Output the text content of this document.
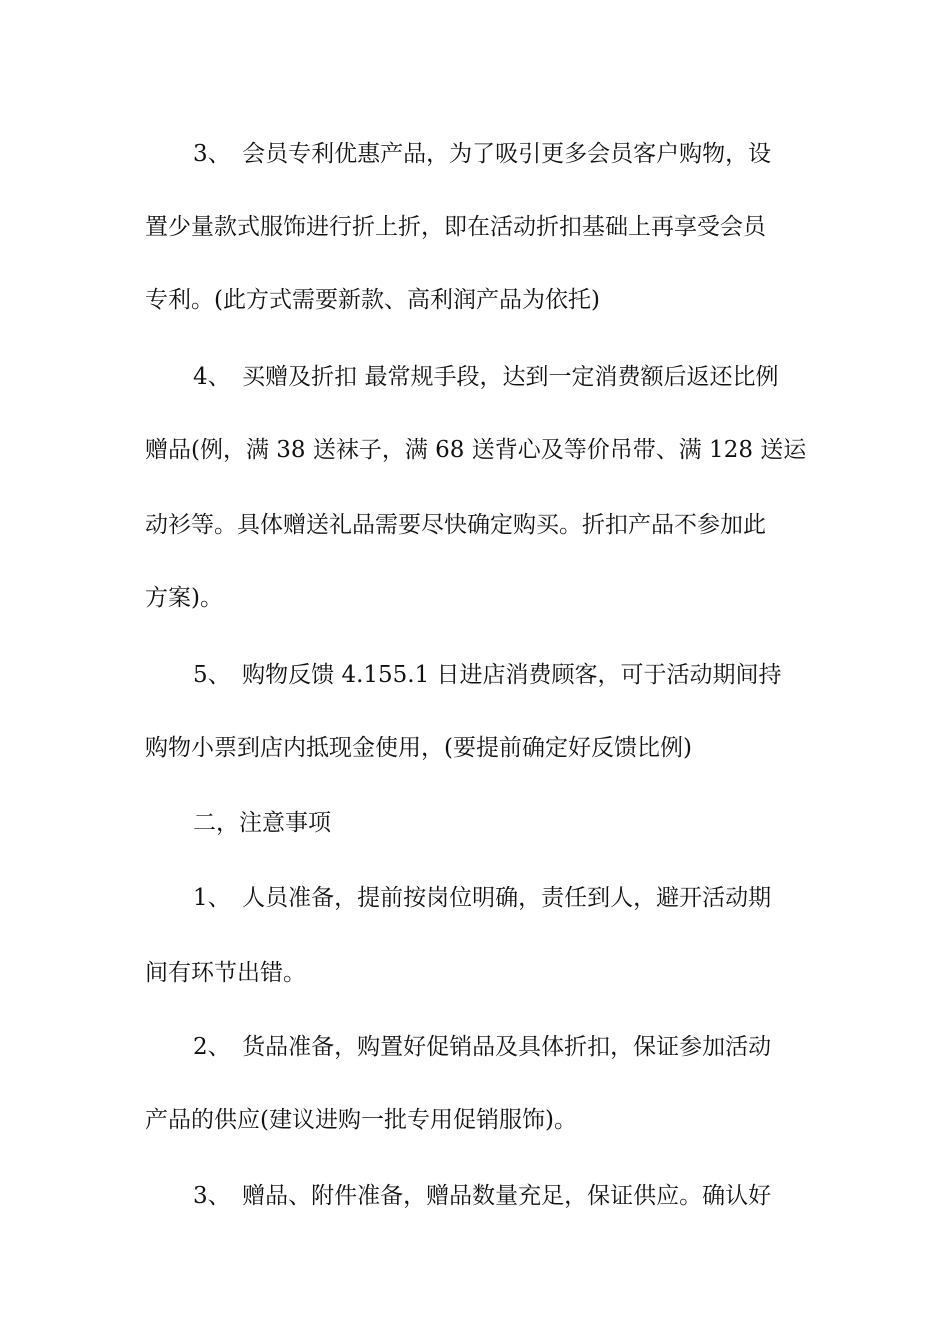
3、　会员专利优惠产品，为了吸引更多会员客户购物，设
置少量款式服饰进行折上折，即在活动折扣基础上再享受会员
专利。(此方式需要新款、高利润产品为依托)
4、　买赠及折扣 最常规手段，达到一定消费额后返还比例
赠品(例，满 38 送袜子，满 68 送背心及等价吊带、满 128 送运
动衫等。具体赠送礼品需要尽快确定购买。折扣产品不参加此
方案)。
5、　购物反馈 4.155.1 日进店消费顾客，可于活动期间持
购物小票到店内抵现金使用，(要提前确定好反馈比例)
二，注意事项
1、　人员准备，提前按岗位明确，责任到人，避开活动期
间有环节出错。
2、　货品准备，购置好促销品及具体折扣，保证参加活动
产品的供应(建议进购一批专用促销服饰)。
3、　赠品、附件准备，赠品数量充足，保证供应。确认好
